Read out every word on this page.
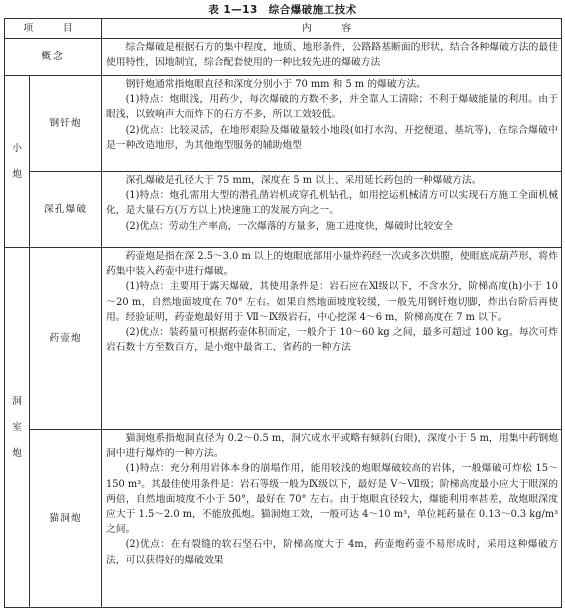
表 1—13　综合爆破施工技术
项　目		内　容
概念		综合爆破是根据石方的集中程度，地质、地形条件，公路路基断面的形状，结合各种爆破方法的最佳使用特性，因地制宜，综合配套使用的一种比较先进的爆破方法

小炮	钢钎炮	钢钎炮通常指炮眼直径和深度分别小于 70 mm 和 5 m 的爆破方法。

(1)特点：炮眼浅，用药少，每次爆破的方数不多，并全靠人工清除；不利于爆破能量的利用。由于眼浅，以致响声大而炸下的石方不多，所以工效较低。

(2)优点：比较灵活，在地形艰险及爆破量较小地段(如打水沟、开挖便道、基坑等)，在综合爆破中是一种改造地形，为其他炮型服务的辅助炮型

	深孔爆破	深孔爆破是孔径大于 75 mm，深度在 5 m 以上、采用延长药包的一种爆破方法。

(1)特点：炮孔需用大型的潜孔凿岩机或穿孔机钻孔，如用挖运机械清方可以实现石方施工全面机械化，是大量石方(万方以上)快速施工的发展方向之一。

(2)优点：劳动生产率高，一次爆落的方量多，施工进度快，爆破时比较安全

洞室炮	药壶炮	药壶炮是指在深 2.5～3.0 m 以上的炮眼底部用小量炸药经一次或多次烘膛，使眼底成葫芦形，将炸药集中装入药壶中进行爆破。

(1)特点：主要用于露天爆破，其使用条件是：岩石应在Ⅺ级以下，不含水分，阶梯高度(h)小于 10～20 m，自然地面坡度在 70° 左右。如果自然地面坡度较缓，一般先用钢钎炮切脚，炸出台阶后再使用。经验证明，药壶炮最好用于 Ⅶ～Ⅸ级岩石，中心挖深 4～6 m，阶梯高度在 7 m 以下。

(2)优点：装药量可根据药壶体积而定，一般介于 10～60 kg 之间，最多可超过 100 kg。每次可炸岩石数十方至数百方，是小炮中最省工、省药的一种方法

	猫洞炮	猫洞炮系指炮洞直径为 0.2～0.5 m，洞穴成水平或略有倾斜(台眼)，深度小于 5 m，用集中药钢炮洞中进行爆炸的一种方法。

(1)特点：充分利用岩体本身的崩塌作用，能用较浅的炮眼爆破较高的岩体，一般爆破可炸松 15～150 m³。其最佳使用条件是：岩石等级一般为Ⅸ级以下，最好是 Ⅴ～Ⅶ级；阶梯高度最小应大于眼深的两倍，自然地面坡度不小于 50°，最好在 70° 左右。由于炮眼直径较大，爆能利用率甚差，故炮眼深度应大于 1.5～2.0 m，不能放孤炮。猫洞炮工效，一般可达 4～10 m³，单位耗药量在 0.13～0.3 kg/m³ 之间。

(2)优点：在有裂缝的软石坚石中，阶梯高度大于 4m，药壶炮药壶不易形成时，采用这种爆破方法，可以获得好的爆破效果
